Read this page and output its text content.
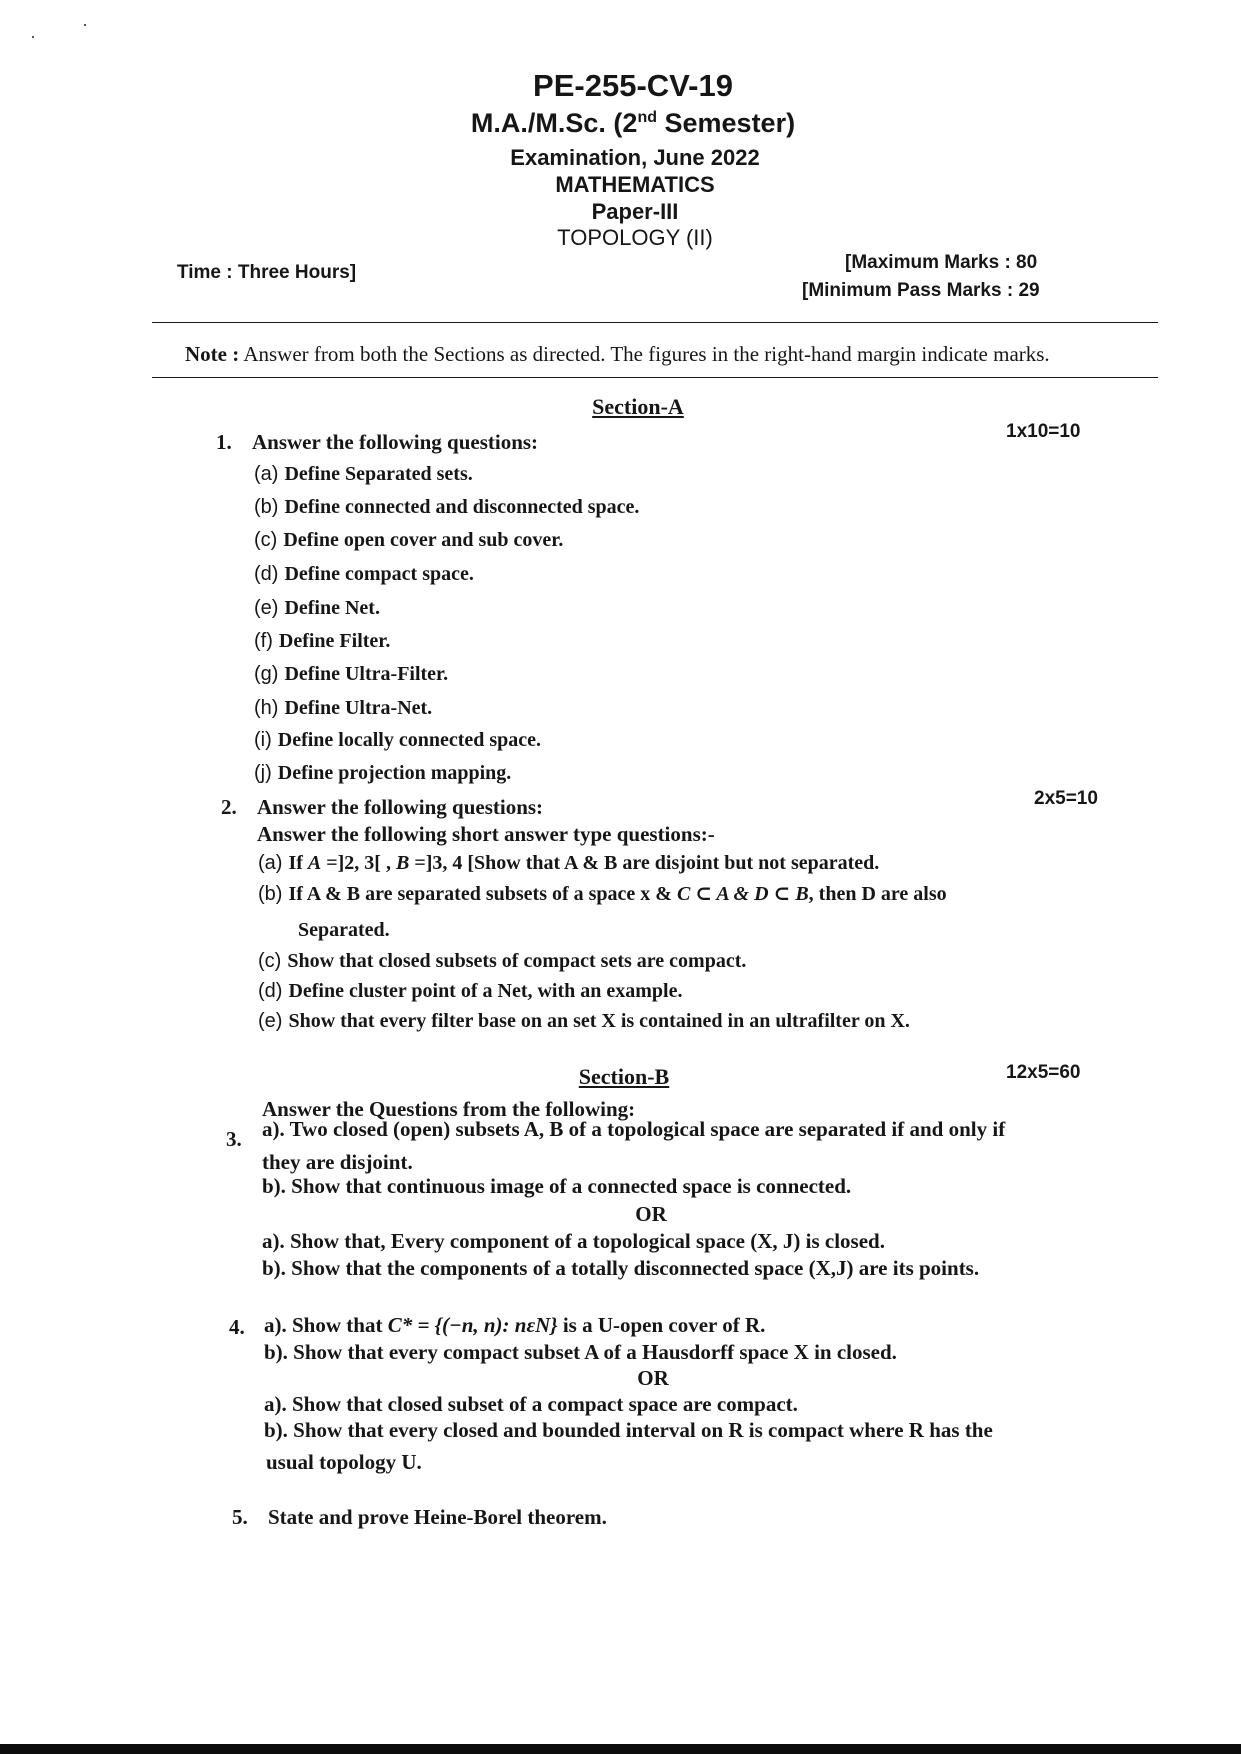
PE-255-CV-19
M.A./M.Sc. (2nd Semester)
Examination, June 2022
MATHEMATICS
Paper-III
TOPOLOGY (II)
Time : Three Hours]	[Maximum Marks : 80
[Minimum Pass Marks : 29
Note : Answer from both the Sections as directed. The figures in the right-hand margin indicate marks.
Section-A
1. Answer the following questions:	1x10=10
(a) Define Separated sets.
(b) Define connected and disconnected space.
(c) Define open cover and sub cover.
(d) Define compact space.
(e) Define Net.
(f) Define Filter.
(g) Define Ultra-Filter.
(h) Define Ultra-Net.
(i) Define locally connected space.
(j) Define projection mapping.
2. Answer the following questions:	2x5=10
Answer the following short answer type questions:-
(a) If A =]2, 3[ , B =]3, 4 [Show that A & B are disjoint but not separated.
(b) If A & B are separated subsets of a space x & C ⊂ A & D ⊂ B, then D are also
Separated.
(c) Show that closed subsets of compact sets are compact.
(d) Define cluster point of a Net, with an example.
(e) Show that every filter base on an set X is contained in an ultrafilter on X.
Section-B	12x5=60
Answer the Questions from the following:
3. a). Two closed (open) subsets A, B of a topological space are separated if and only if
they are disjoint.
b). Show that continuous image of a connected space is connected.
OR
a). Show that, Every component of a topological space (X, J) is closed.
b). Show that the components of a totally disconnected space (X,J) are its points.
4. a). Show that C* = {(−n, n): nεN} is a U-open cover of R.
b). Show that every compact subset A of a Hausdorff space X in closed.
OR
a). Show that closed subset of a compact space are compact.
b). Show that every closed and bounded interval on R is compact where R has the
usual topology U.
5. State and prove Heine-Borel theorem.
